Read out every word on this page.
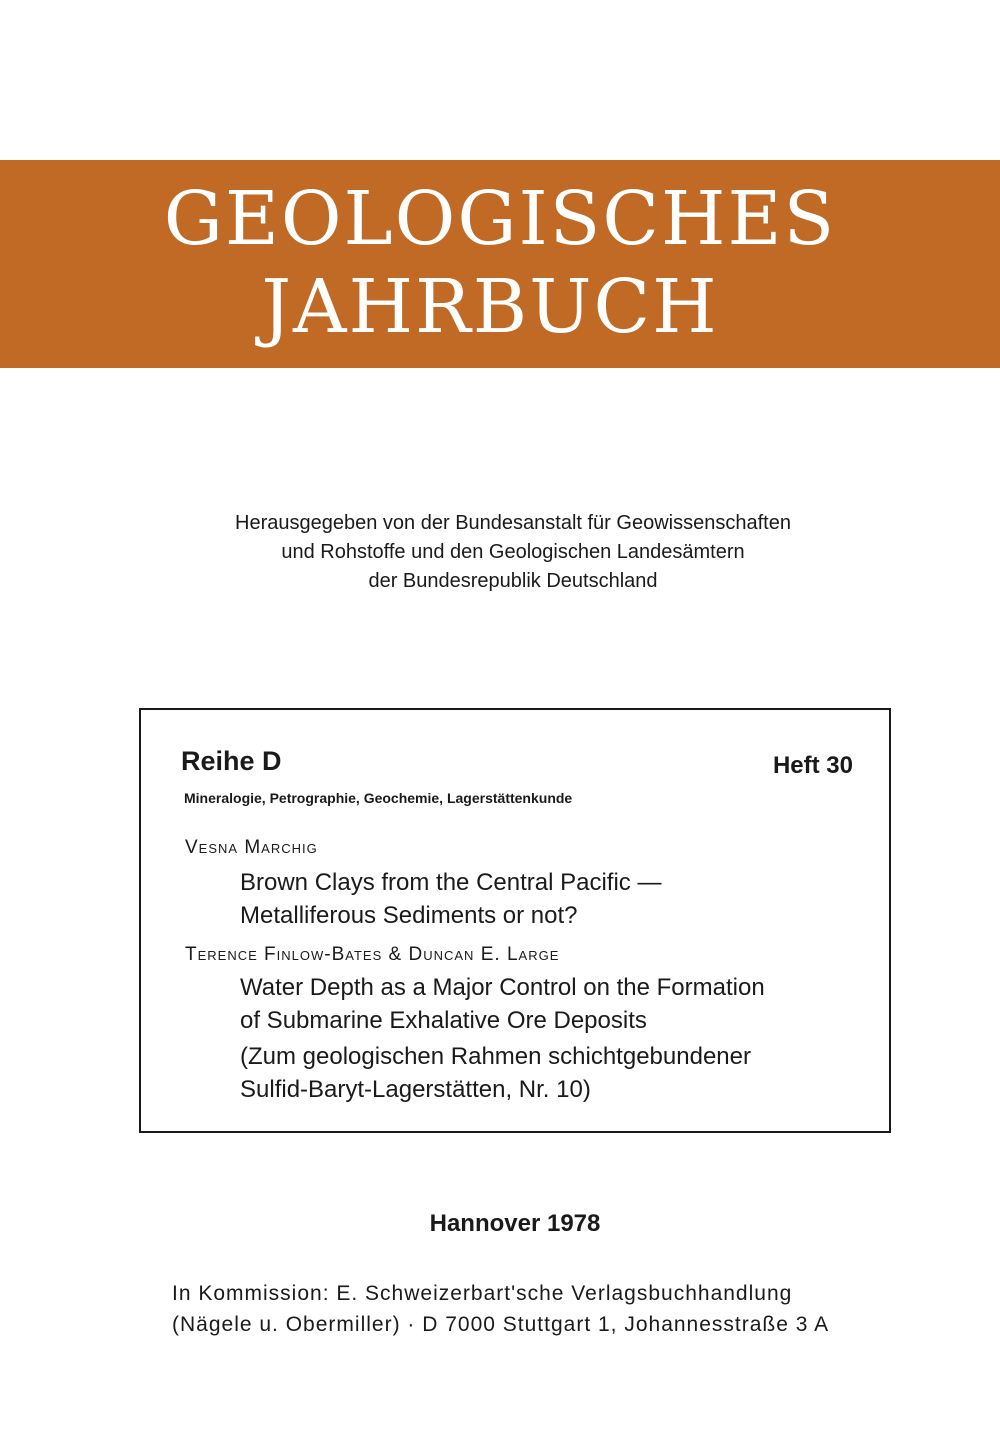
GEOLOGISCHES
JAHRBUCH
Herausgegeben von der Bundesanstalt für Geowissenschaften
und Rohstoffe und den Geologischen Landesämtern
der Bundesrepublik Deutschland
Reihe D	Heft 30
Mineralogie, Petrographie, Geochemie, Lagerstättenkunde
Vesna Marchig
Brown Clays from the Central Pacific —
Metalliferous Sediments or not?
Terence Finlow-Bates & Duncan E. Large
Water Depth as a Major Control on the Formation
of Submarine Exhalative Ore Deposits
(Zum geologischen Rahmen schichtgebundener
Sulfid-Baryt-Lagerstätten, Nr. 10)
Hannover 1978
In Kommission: E. Schweizerbart'sche Verlagsbuchhandlung
(Nägele u. Obermiller) · D 7000 Stuttgart 1, Johannesstraße 3 A
